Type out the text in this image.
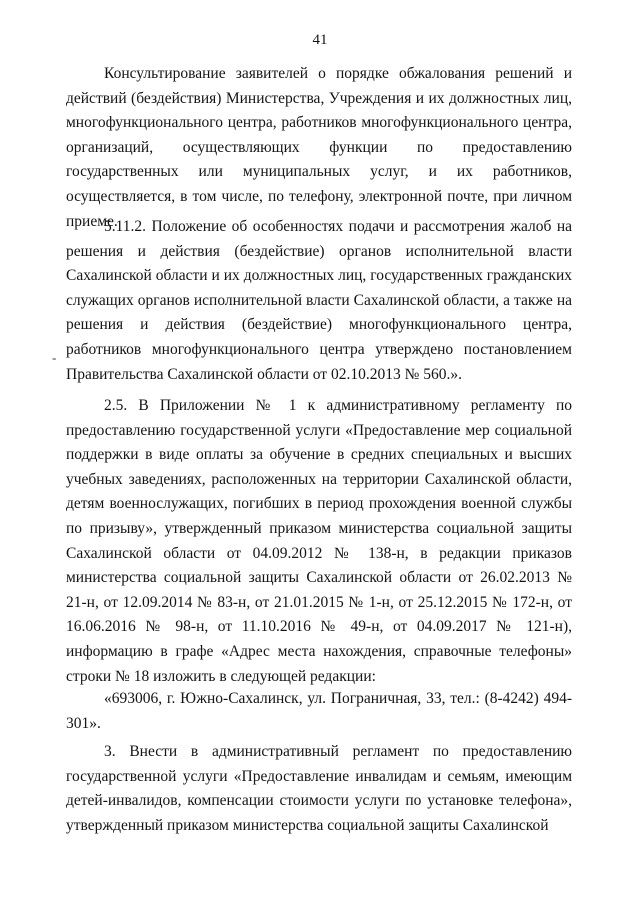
41
-

Консультирование заявителей о порядке обжалования решений и действий (бездействия) Министерства, Учреждения и их должностных лиц, многофункционального центра, работников многофункционального центра, организаций, осуществляющих функции по предоставлению государственных или муниципальных услуг, и их работников, осуществляется, в том числе, по телефону, электронной почте, при личном приеме.

5.11.2. Положение об особенностях подачи и рассмотрения жалоб на решения и действия (бездействие) органов исполнительной власти Сахалинской области и их должностных лиц, государственных гражданских служащих органов исполнительной власти Сахалинской области, а также на решения и действия (бездействие) многофункционального центра, работников многофункционального центра утверждено постановлением Правительства Сахалинской области от 02.10.2013 № 560.».

2.5. В Приложении № 1 к административному регламенту по предоставлению государственной услуги «Предоставление мер социальной поддержки в виде оплаты за обучение в средних специальных и высших учебных заведениях, расположенных на территории Сахалинской области, детям военнослужащих, погибших в период прохождения военной службы по призыву», утвержденный приказом министерства социальной защиты Сахалинской области от 04.09.2012 № 138-н, в редакции приказов министерства социальной защиты Сахалинской области от 26.02.2013 № 21-н, от 12.09.2014 № 83-н, от 21.01.2015 № 1-н, от 25.12.2015 № 172-н, от 16.06.2016 № 98-н, от 11.10.2016 № 49-н, от 04.09.2017 № 121-н), информацию в графе «Адрес места нахождения, справочные телефоны» строки № 18 изложить в следующей редакции:

«693006, г. Южно-Сахалинск, ул. Пограничная, 33, тел.: (8-4242) 494-301».

3. Внести в административный регламент по предоставлению государственной услуги «Предоставление инвалидам и семьям, имеющим детей-инвалидов, компенсации стоимости услуги по установке телефона», утвержденный приказом министерства социальной защиты Сахалинской
